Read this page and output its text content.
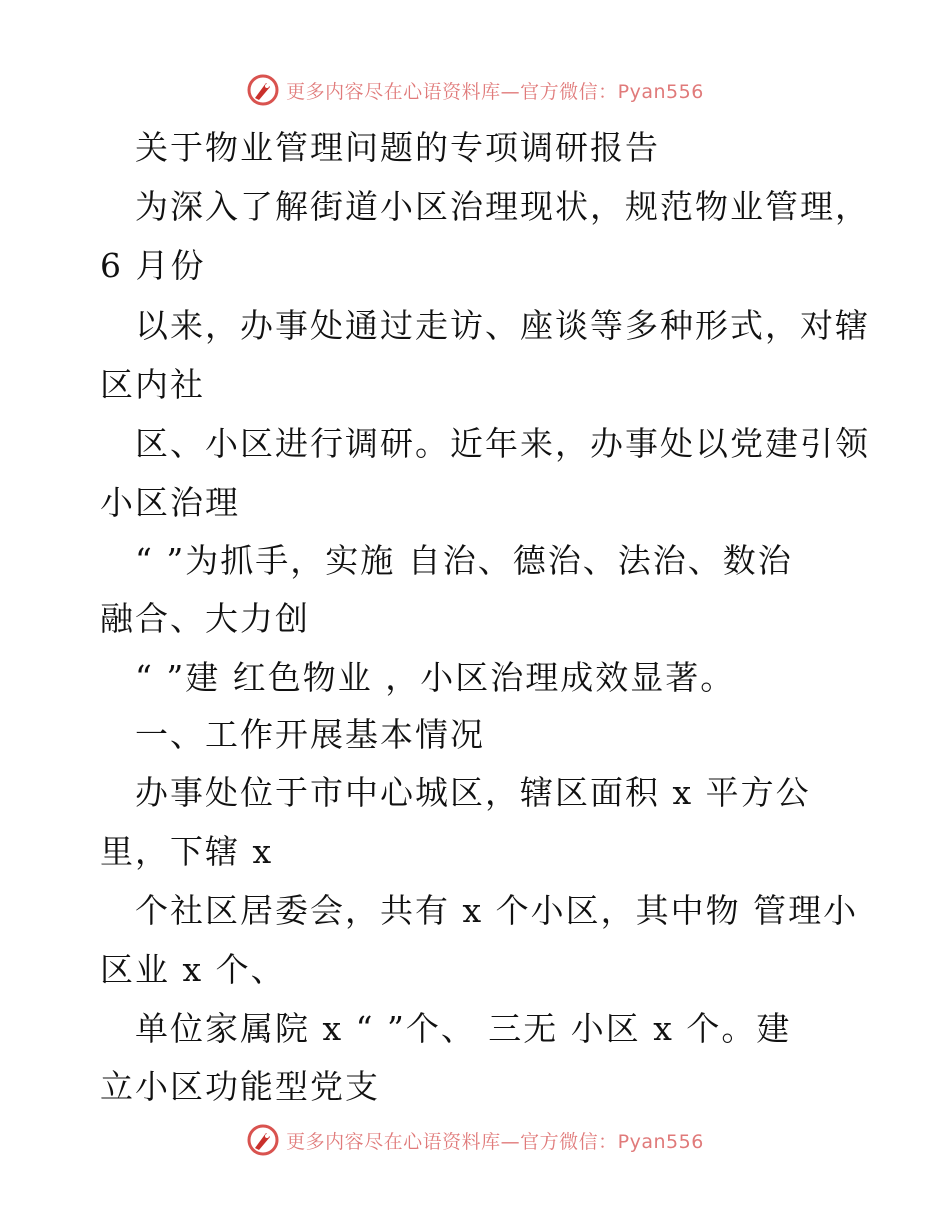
更多内容尽在心语资料库—官方微信：Pyan556
关于物业管理问题的专项调研报告
为深入了解街道小区治理现状，规范物业管理，
6 月份
以来，办事处通过走访、座谈等多种形式，对辖
区内社
区、小区进行调研。近年来，办事处以党建引领
小区治理
“ ”为抓手，实施 自治、德治、法治、数治
融合、大力创
“ ”建 红色物业 ，小区治理成效显著。
一、工作开展基本情况
办事处位于市中心城区，辖区面积 x 平方公
里，下辖 x
个社区居委会，共有 x 个小区，其中物 管理小
区业 x 个、
单位家属院 x “ ”个、 三无 小区 x 个。建
立小区功能型党支
更多内容尽在心语资料库—官方微信：Pyan556
